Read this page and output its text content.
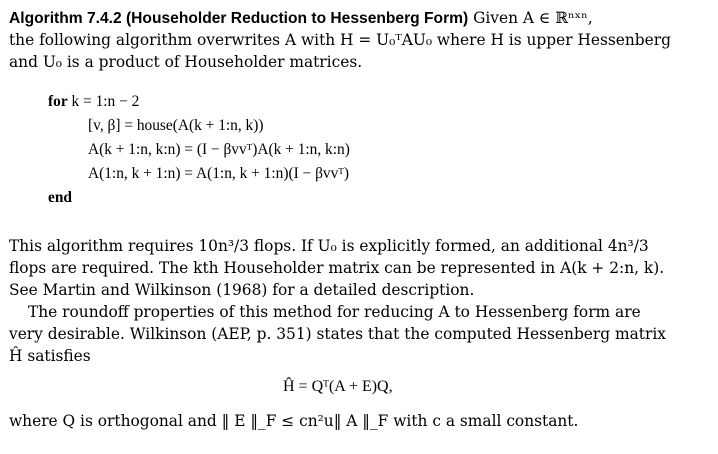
Algorithm 7.4.2 (Householder Reduction to Hessenberg Form) Given A ∈ ℝⁿˣⁿ,
the following algorithm overwrites A with H = U₀ᵀAU₀ where H is upper Hessenberg
and U₀ is a product of Householder matrices.
for k = 1:n − 2
[v, β] = house(A(k + 1:n, k))
A(k + 1:n, k:n) = (I − βvvᵀ)A(k + 1:n, k:n)
A(1:n, k + 1:n) = A(1:n, k + 1:n)(I − βvvᵀ)
end
This algorithm requires 10n³/3 flops. If U₀ is explicitly formed, an additional 4n³/3
flops are required. The kth Householder matrix can be represented in A(k + 2:n, k).
See Martin and Wilkinson (1968) for a detailed description.
The roundoff properties of this method for reducing A to Hessenberg form are
very desirable. Wilkinson (AEP, p. 351) states that the computed Hessenberg matrix
Ĥ satisfies
Ĥ = Qᵀ(A + E)Q,
where Q is orthogonal and ‖ E ‖_F ≤ cn²u‖ A ‖_F with c a small constant.
